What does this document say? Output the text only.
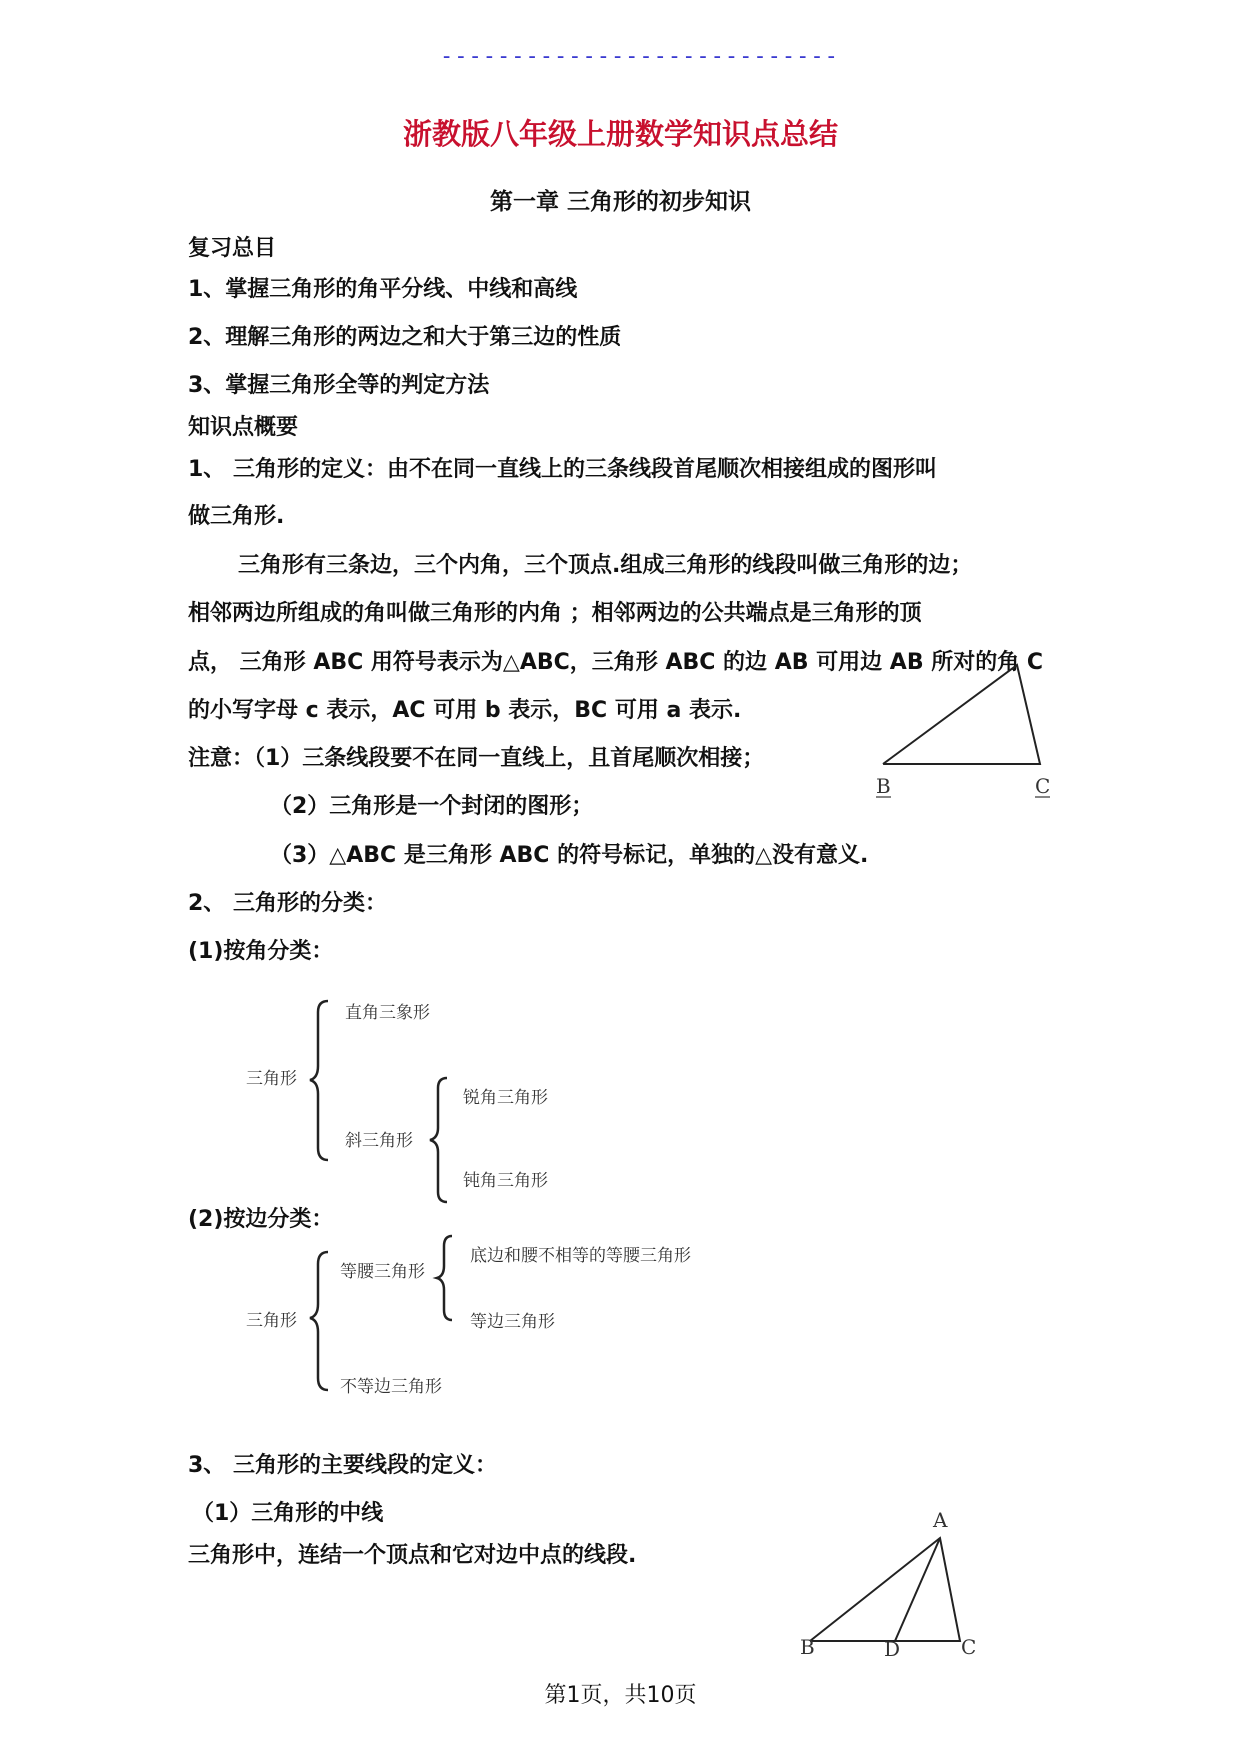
----------------------------
浙教版八年级上册数学知识点总结
第一章 三角形的初步知识
复习总目
1、掌握三角形的角平分线、中线和高线
2、理解三角形的两边之和大于第三边的性质
3、掌握三角形全等的判定方法
知识点概要
1、 三角形的定义：由不在同一直线上的三条线段首尾顺次相接组成的图形叫
做三角形.
三角形有三条边，三个内角，三个顶点.组成三角形的线段叫做三角形的边；
相邻两边所组成的角叫做三角形的内角 ；相邻两边的公共端点是三角形的顶
点， 三角形 ABC 用符号表示为△ABC，三角形 ABC 的边 AB 可用边 AB 所对的角 C
的小写字母 c 表示，AC 可用 b 表示，BC 可用 a 表示.
注意：（1）三条线段要不在同一直线上，且首尾顺次相接；
（2）三角形是一个封闭的图形；
（3）△ABC 是三角形 ABC 的符号标记，单独的△没有意义.
2、 三角形的分类：
(1)按角分类：
三角形
直角三象形
斜三角形
锐角三角形
钝角三角形
(2)按边分类：
三角形
等腰三角形
底边和腰不相等的等腰三角形
等边三角形
不等边三角形
3、 三角形的主要线段的定义：
（1）三角形的中线
三角形中，连结一个顶点和它对边中点的线段.
B	C
A
B	D	C
第1页，共10页
